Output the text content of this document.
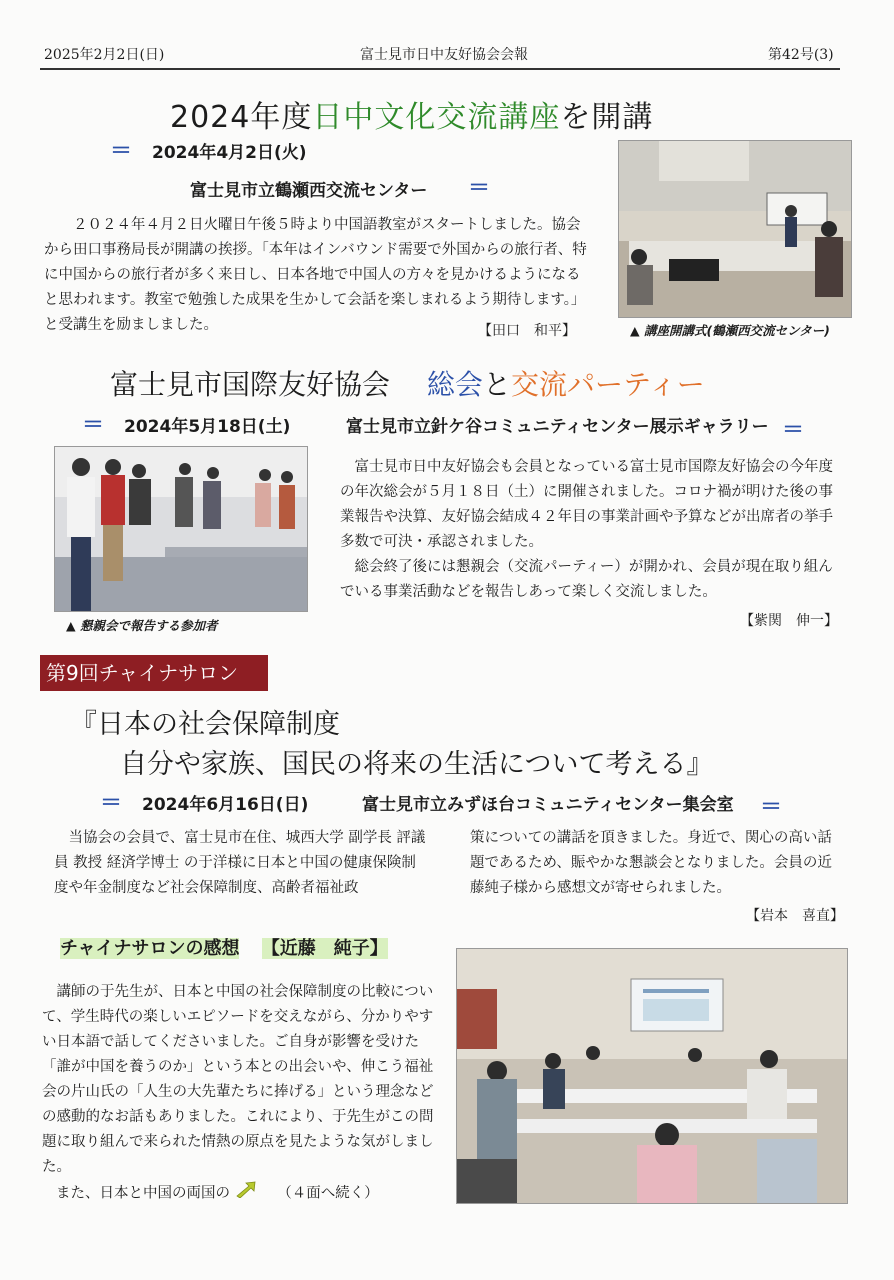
2025年2月2日(日)	富士見市日中友好協会会報	第42号(3)
2024年度日中文化交流講座を開講
＝ 2024年4月2日(火)
富士見市立鶴瀬西交流センター ＝
２０２４年４月２日火曜日午後５時より中国語教室がスタートしました。協会から田口事務局長が開講の挨拶。「本年はインバウンド需要で外国からの旅行者、特に中国からの旅行者が多く来日し、日本各地で中国人の方々を見かけるようになると思われます。教室で勉強した成果を生かして会話を楽しまれるよう期待します。」と受講生を励ましました。	【田口　和平】	▲ 講座開講式(鶴瀬西交流センター)
富士見市国際友好協会 総会と交流パーティー
＝ 2024年5月18日(土)	富士見市立針ケ谷コミュニティセンター展示ギャラリー ＝
▲ 懇親会で報告する参加者
富士見市日中友好協会も会員となっている富士見市国際友好協会の今年度の年次総会が５月１８日（土）に開催されました。コロナ禍が明けた後の事業報告や決算、友好協会結成４２年目の事業計画や予算などが出席者の挙手多数で可決・承認されました。
総会終了後には懇親会（交流パーティー）が開かれ、会員が現在取り組んでいる事業活動などを報告しあって楽しく交流しました。
【紫関　伸一】
第9回チャイナサロン
『日本の社会保障制度
自分や家族、国民の将来の生活について考える』
＝ 2024年6月16日(日)	富士見市立みずほ台コミュニティセンター集会室 ＝
当協会の会員で、富士見市在住、城西大学 副学長 評議員 教授 経済学博士 の于洋様に日本と中国の健康保険制度や年金制度など社会保障制度、高齢者福祉政
策についての講話を頂きました。身近で、関心の高い話題であるため、賑やかな懇談会となりました。会員の近藤純子様から感想文が寄せられました。
【岩本　喜直】
チャイナサロンの感想 【近藤　純子】
講師の于先生が、日本と中国の社会保障制度の比較について、学生時代の楽しいエピソードを交えながら、分かりやすい日本語で話してくださいました。ご自身が影響を受けた「誰が中国を養うのか」という本との出会いや、伸こう福祉会の片山氏の「人生の大先輩たちに捧げる」という理念などの感動的なお話もありました。これにより、于先生がこの問題に取り組んで来られた情熱の原点を見たような気がしました。
また、日本と中国の両国の	（４面へ続く）
